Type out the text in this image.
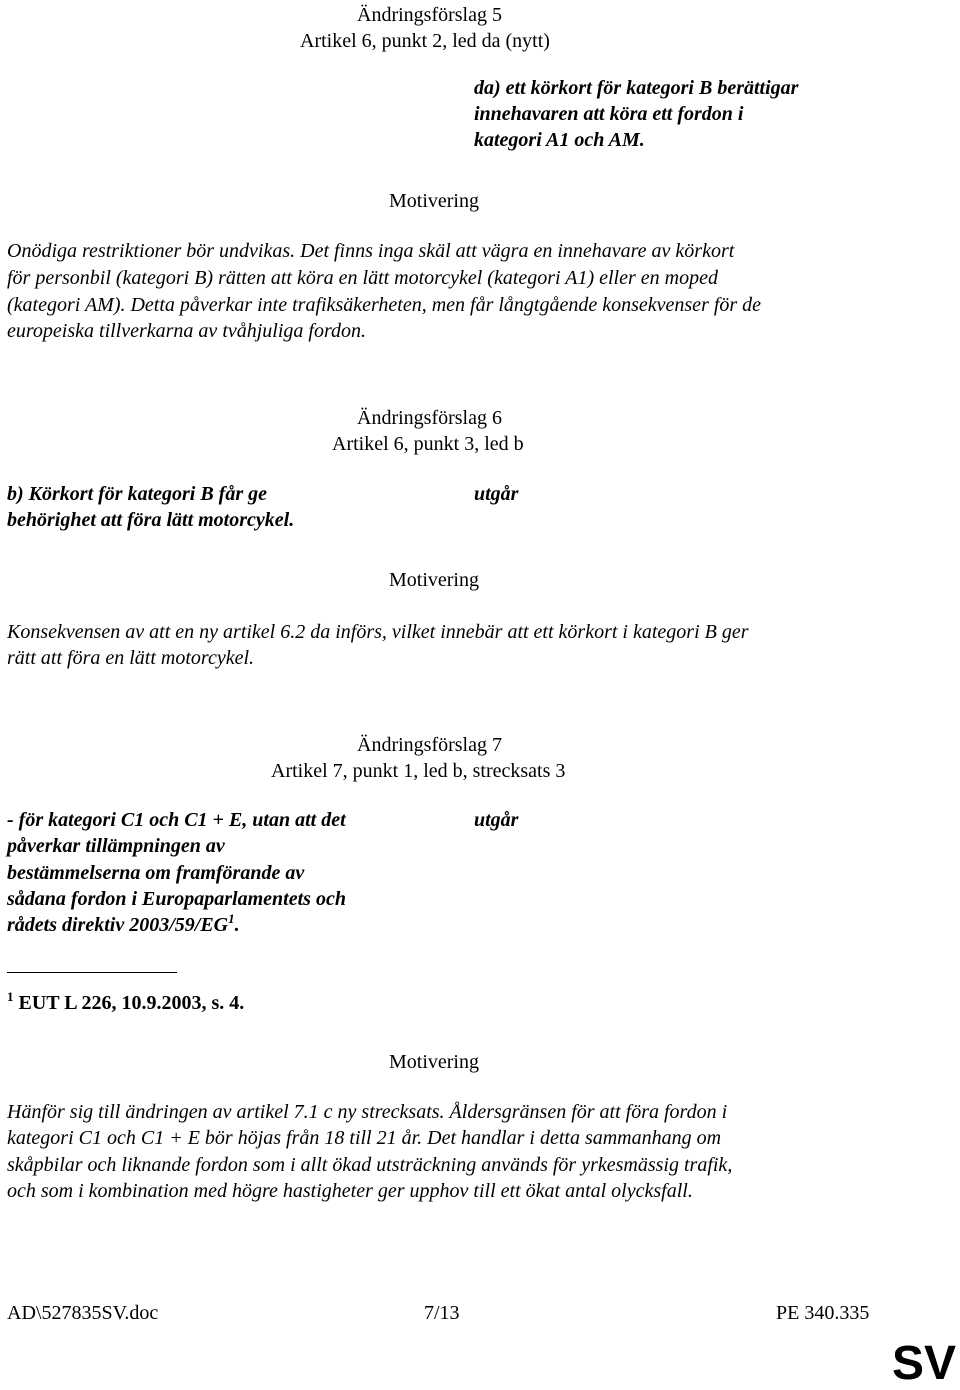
Ändringsförslag 5
Artikel 6, punkt 2, led da (nytt)
da) ett körkort för kategori B berättigar
innehavaren att köra ett fordon i
kategori A1 och AM.
Motivering
Onödiga restriktioner bör undvikas. Det finns inga skäl att vägra en innehavare av körkort
för personbil (kategori B) rätten att köra en lätt motorcykel (kategori A1) eller en moped
(kategori AM). Detta påverkar inte trafiksäkerheten, men får långtgående konsekvenser för de
europeiska tillverkarna av tvåhjuliga fordon.
Ändringsförslag 6
Artikel 6, punkt 3, led b
b) Körkort för kategori B får ge
behörighet att föra lätt motorcykel.
utgår
Motivering
Konsekvensen av att en ny artikel 6.2 da införs, vilket innebär att ett körkort i kategori B ger
rätt att föra en lätt motorcykel.
Ändringsförslag 7
Artikel 7, punkt 1, led b, strecksats 3
- för kategori C1 och C1 + E, utan att det
påverkar tillämpningen av
bestämmelserna om framförande av
sådana fordon i Europaparlamentets och
rådets direktiv $2003/59/EG^1$.
utgår
$^1$ EUT L 226, 10.9.2003, s. 4.
Motivering
Hänför sig till ändringen av artikel 7.1 c ny strecksats. Åldersgränsen för att föra fordon i
kategori C1 och C1 + E bör höjas från 18 till 21 år. Det handlar i detta sammanhang om
skåpbilar och liknande fordon som i allt ökad utsträckning används för yrkesmässig trafik,
och som i kombination med högre hastigheter ger upphov till ett ökat antal olycksfall.
AD\527835SV.doc	7/13	PE 340.335
SV
